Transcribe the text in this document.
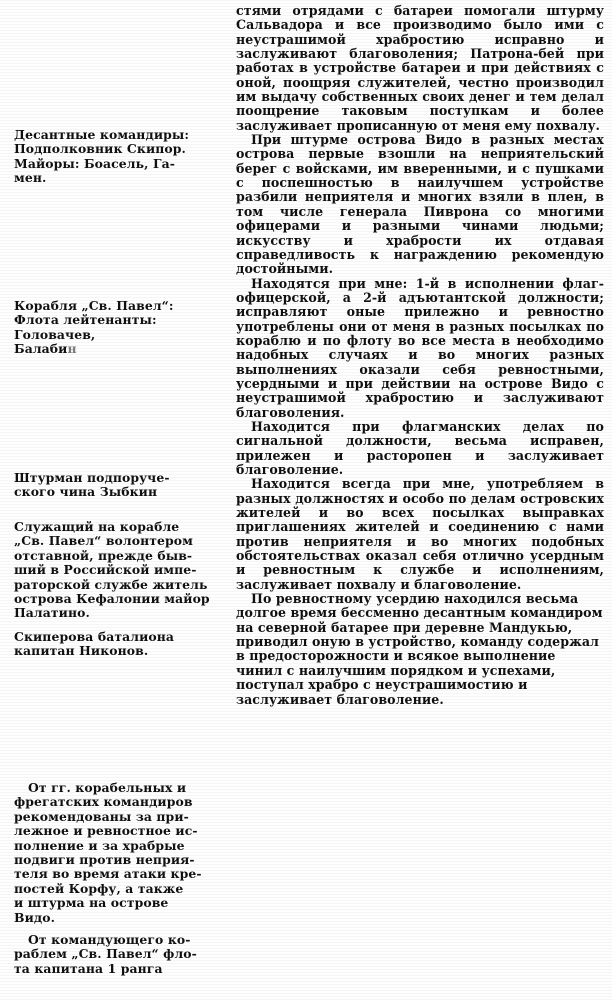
Десантные командиры:

Подполковник Скипор.

Майоры: Боасель, Га-

мен.

Корабля „Св. Павел“:

Флота лейтенанты:

Головачев,

Балабин

Штурман подпоруче-

ского чина Зыбкин

Служащий на корабле

„Св. Павел“ волонтером

отставной, прежде быв-

ший в Российской импе-

раторской службе житель

острова Кефалонии майор

Палатино.

Скиперова баталиона

капитан Никонов.

От гг. корабельных и

фрегатских командиров

рекомендованы за при-

лежное и ревностное ис-

полнение и за храбрые

подвиги против неприя-

теля во время атаки кре-

постей Корфу, а также

и штурма на острове

Видо.

От командующего ко-

раблем „Св. Павел“ фло-

та капитана 1 ранга

стями отрядами с батареи помогали штурму Сальвадора и все производимо было ими с неустрашимой храбростию исправно и заслуживают благоволения; Патрона-бей при работах в устройстве батареи и при действиях с оной, поощряя служителей, честно производил им выдачу собственных своих денег и тем делал поощрение таковым поступкам и более заслуживает прописанную от меня ему похвалу.

При штурме острова Видо в разных местах острова первые взошли на неприятельский берег с войсками, им вверенными, и с пушками с поспешностью в наилучшем устройстве разбили неприятеля и многих взяли в плен, в том числе генерала Пиврона со многими офицерами и разными чинами людьми; искусству и храбрости их отдавая справедливость к награждению рекомендую достойными.

Находятся при мне: 1-й в исполнении флаг-офицерской, а 2-й адъютантской должности; исправляют оные прилежно и ревностно употреблены они от меня в разных посылках по кораблю и по флоту во все места в необходимо надобных случаях и во многих разных выполнениях оказали себя ревностными, усердными и при действии на острове Видо с неустрашимой храбростию и заслуживают благоволения.

Находится при флагманских делах по сигнальной должности, весьма исправен, прилежен и расторопен и заслуживает благоволение.

Находится всегда при мне, употребляем в разных должностях и особо по делам островских жителей и во всех посылках выправках приглашениях жителей и соединению с нами против неприятеля и во многих подобных обстоятельствах оказал себя отлично усердным и ревностным к службе и исполнениям, заслуживает похвалу и благоволение.

По ревностному усердию находился весьма долгое время бессменно десантным командиром на северной батарее при деревне Мандукью, приводил оную в устройство, команду содержал в предосторожности и всякое выполнение чинил с наилучшим порядком и успехами, поступал храбро с неустрашимостию и заслуживает благоволение.
